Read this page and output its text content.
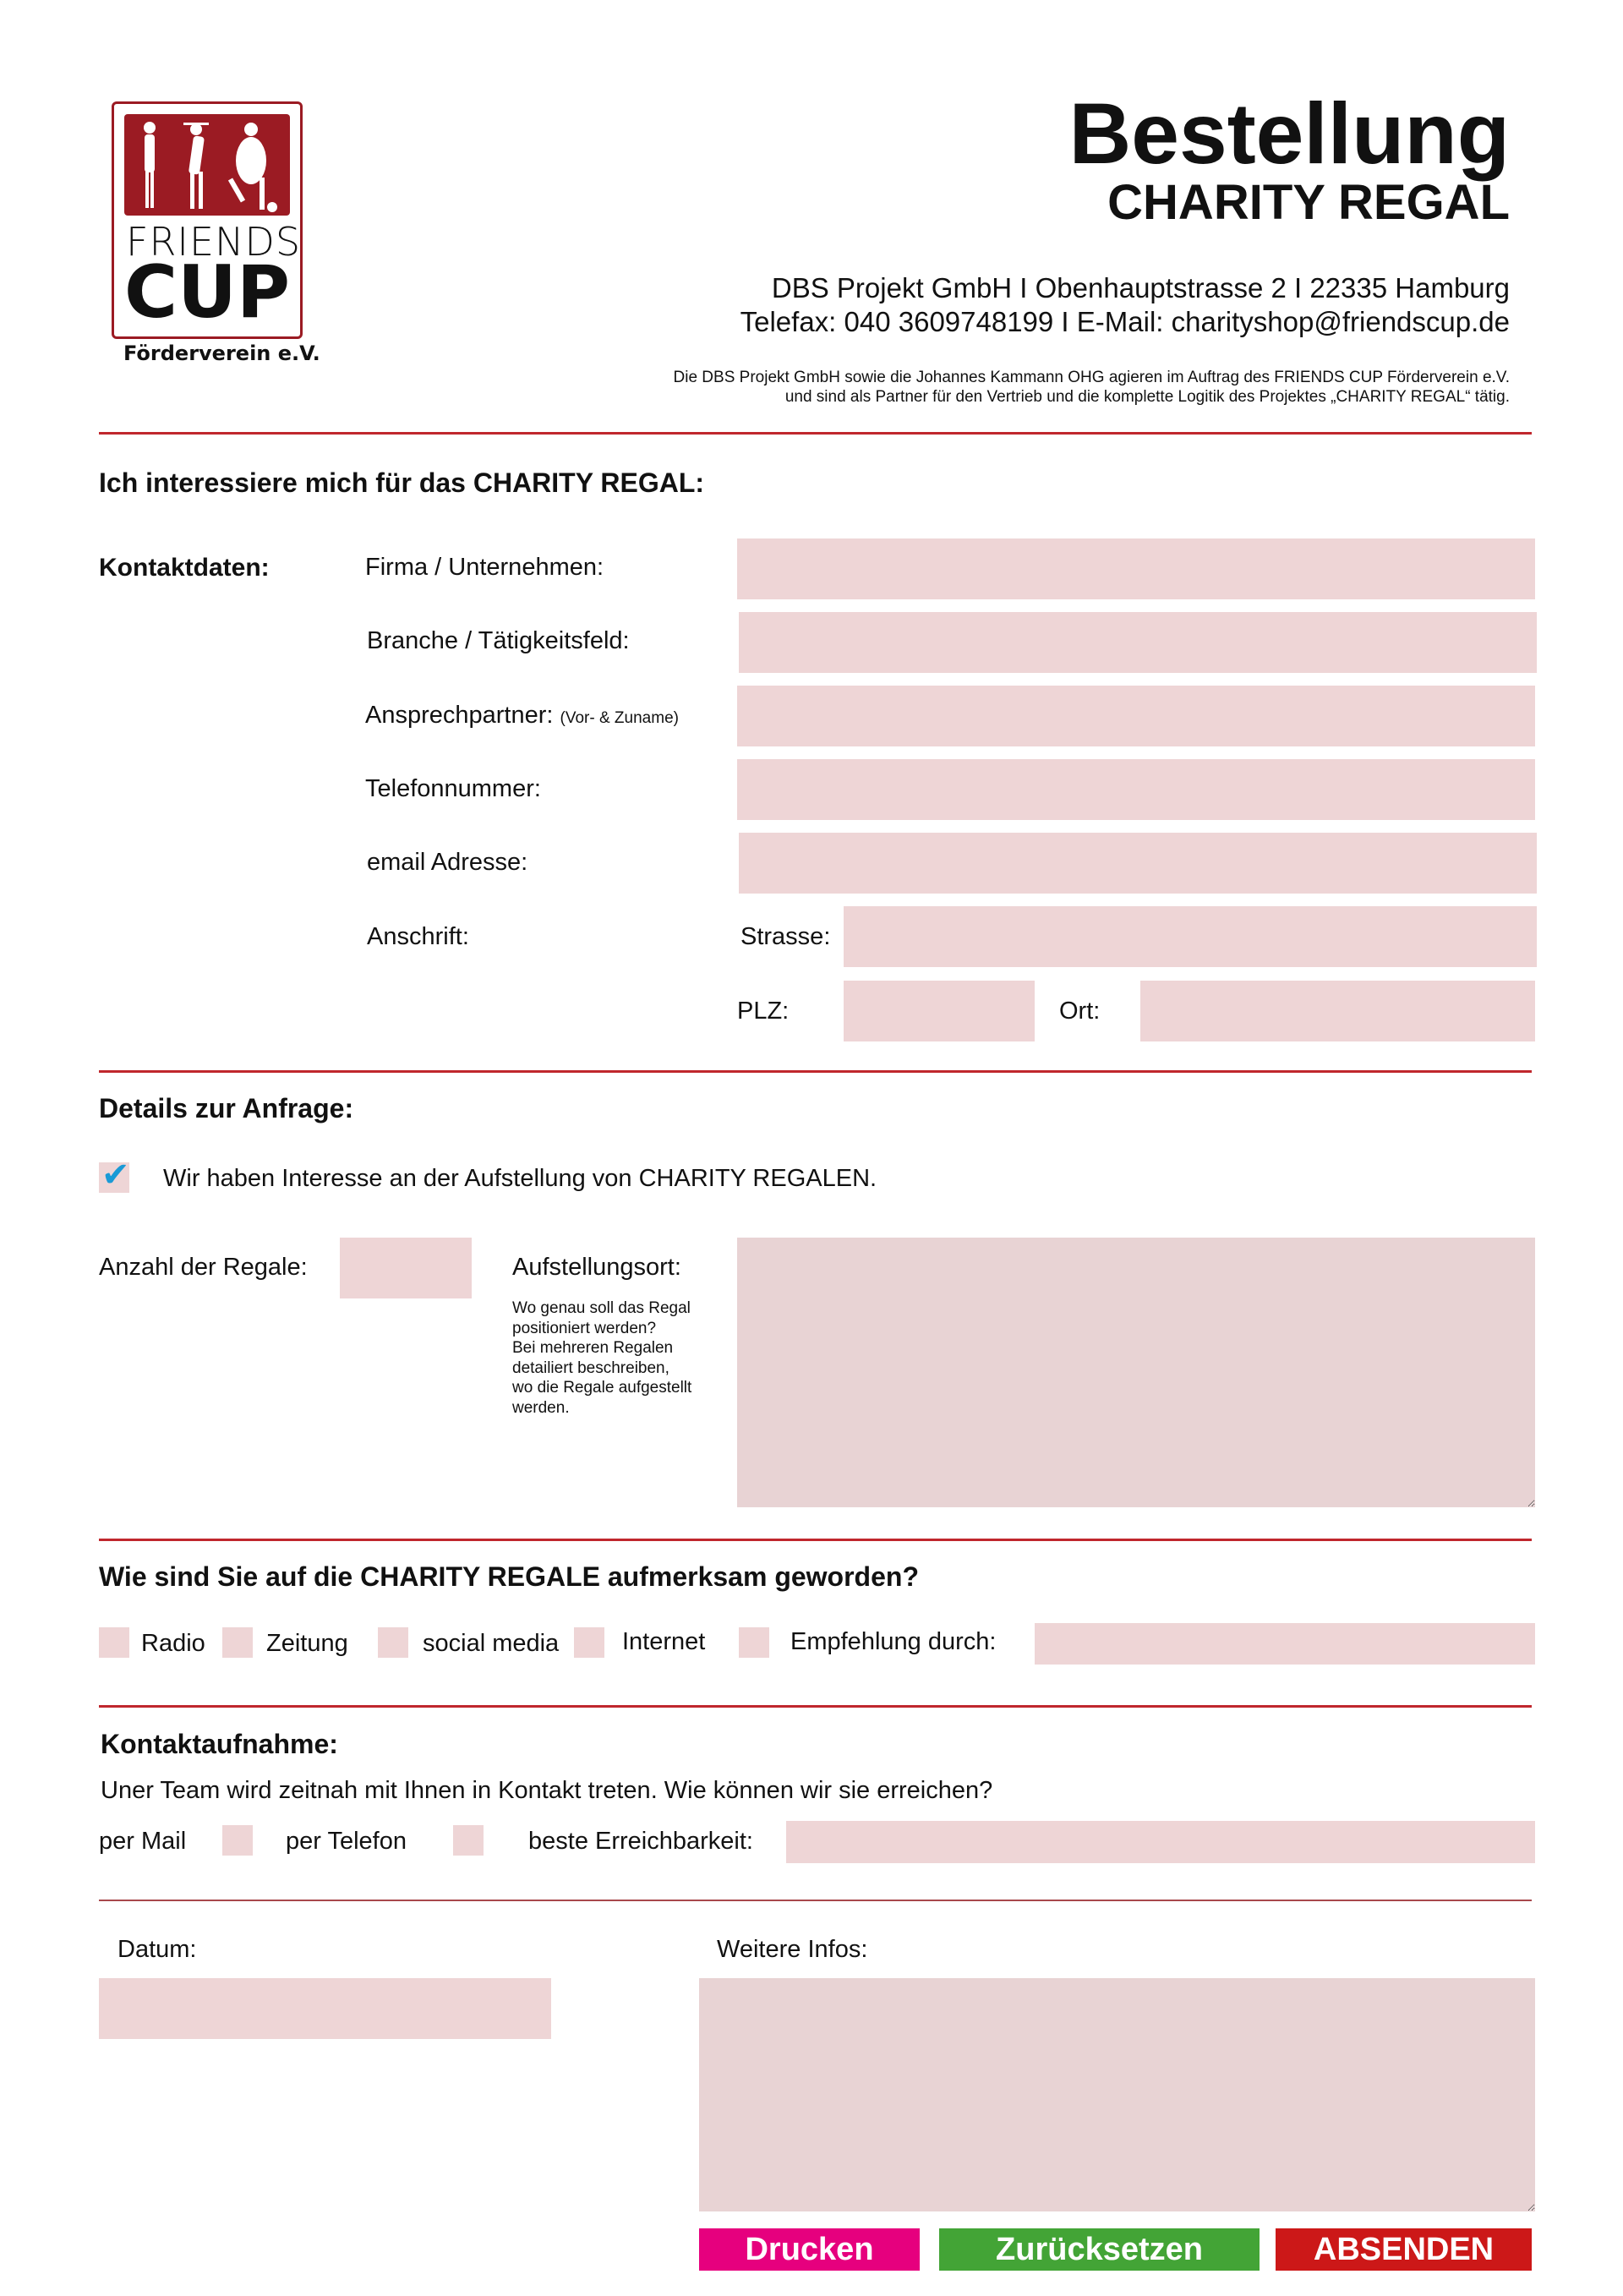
FRIENDS
CUP
Förderverein e.V.
Bestellung
CHARITY REGAL
DBS Projekt GmbH I Obenhauptstrasse 2 I 22335 Hamburg
Telefax: 040 3609748199 I E-Mail: charityshop@friendscup.de
Die DBS Projekt GmbH sowie die Johannes Kammann OHG agieren im Auftrag des FRIENDS CUP Förderverein e.V.
und sind als Partner für den Vertrieb und die komplette Logitik des Projektes „CHARITY REGAL“ tätig.
Ich interessiere mich für das CHARITY REGAL:
Kontaktdaten:	Firma / Unternehmen:
Branche / Tätigkeitsfeld:
Ansprechpartner: (Vor- & Zuname)
Telefonnummer:
email Adresse:
Anschrift:	Strasse:
PLZ:	Ort:
Details zur Anfrage:
✔ Wir haben Interesse an der Aufstellung von CHARITY REGALEN.
Anzahl der Regale:	Aufstellungsort:
Wo genau soll das Regal
positioniert werden?
Bei mehreren Regalen
detailiert beschreiben,
wo die Regale aufgestellt
werden.
Wie sind Sie auf die CHARITY REGALE aufmerksam geworden?
Radio Zeitung	social media	Internet	Empfehlung durch:
Kontaktaufnahme:
Uner Team wird zeitnah mit Ihnen in Kontakt treten. Wie können wir sie erreichen?
per Mail	per Telefon	beste Erreichbarkeit:
Datum:	Weitere Infos:
Drucken	Zurücksetzen	ABSENDEN
